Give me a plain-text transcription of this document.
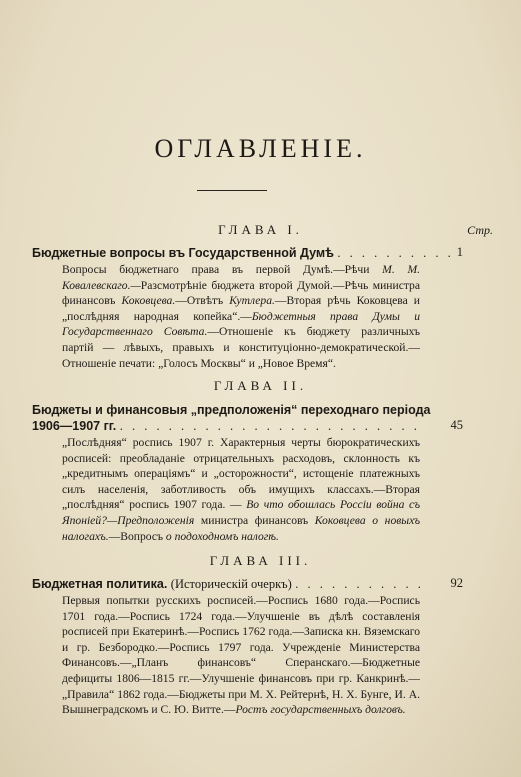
ОГЛАВЛЕНІЕ.
ГЛАВА I.	Стр.
Бюджетные вопросы въ Государственной Думѣ . . . . . . . . . . 1
Вопросы бюджетнаго права въ первой Думѣ.—Рѣчи М. М. Ковалевскаго.—Разсмотрѣніе бюджета второй Думой.—Рѣчь министра финансовъ Коковцева.—Отвѣтъ Кутлера.—Вторая рѣчь Коковцева и „послѣдняя народная копейка“.—Бюджетныя права Думы и Государственнаго Совѣта.—Отношеніе къ бюджету различныхъ партій — лѣвыхъ, правыхъ и конституціонно-демократической.—Отношеніе печати: „Голосъ Москвы“ и „Новое Время“.
ГЛАВА II.
Бюджеты и финансовыя „предположенія“ переходнаго періода
1906—1907 гг. . . . . . . . . . . . . . . . . . . . . . . . . .	45
„Послѣдняя“ роспись 1907 г. Характерныя черты бюрократическихъ росписей: преобладаніе отрицательныхъ расходовъ, склонность къ „кредитнымъ операціямъ“ и „осторожности“, истощеніе платежныхъ силъ населенія, заботливость объ имущихъ классахъ.—Вторая „послѣдняя“ роспись 1907 года. — Во что обошлась Россіи война съ Японіей?—Предположенія министра финансовъ Коковцева о новыхъ налогахъ.—Вопросъ о подоходномъ налогѣ.
ГЛАВА III.
Бюджетная политика. (Историческій очеркъ) . . . . . . . . . . .	92
Первыя попытки русскихъ росписей.—Роспись 1680 года.—Роспись 1701 года.—Роспись 1724 года.—Улучшеніе въ дѣлѣ составленія росписей при Екатеринѣ.—Роспись 1762 года.—Записка кн. Вяземскаго и гр. Безбородко.—Роспись 1797 года. Учрежденіе Министерства Финансовъ.—„Планъ финансовъ“ Сперанскаго.—Бюджетные дефициты 1806—1815 гг.—Улучшеніе финансовъ при гр. Канкринѣ.—„Правила“ 1862 года.—Бюджеты при М. Х. Рейтернѣ, Н. Х. Бунге, И. А. Вышнеградскомъ и С. Ю. Витте.—Ростъ государственныхъ долговъ.
